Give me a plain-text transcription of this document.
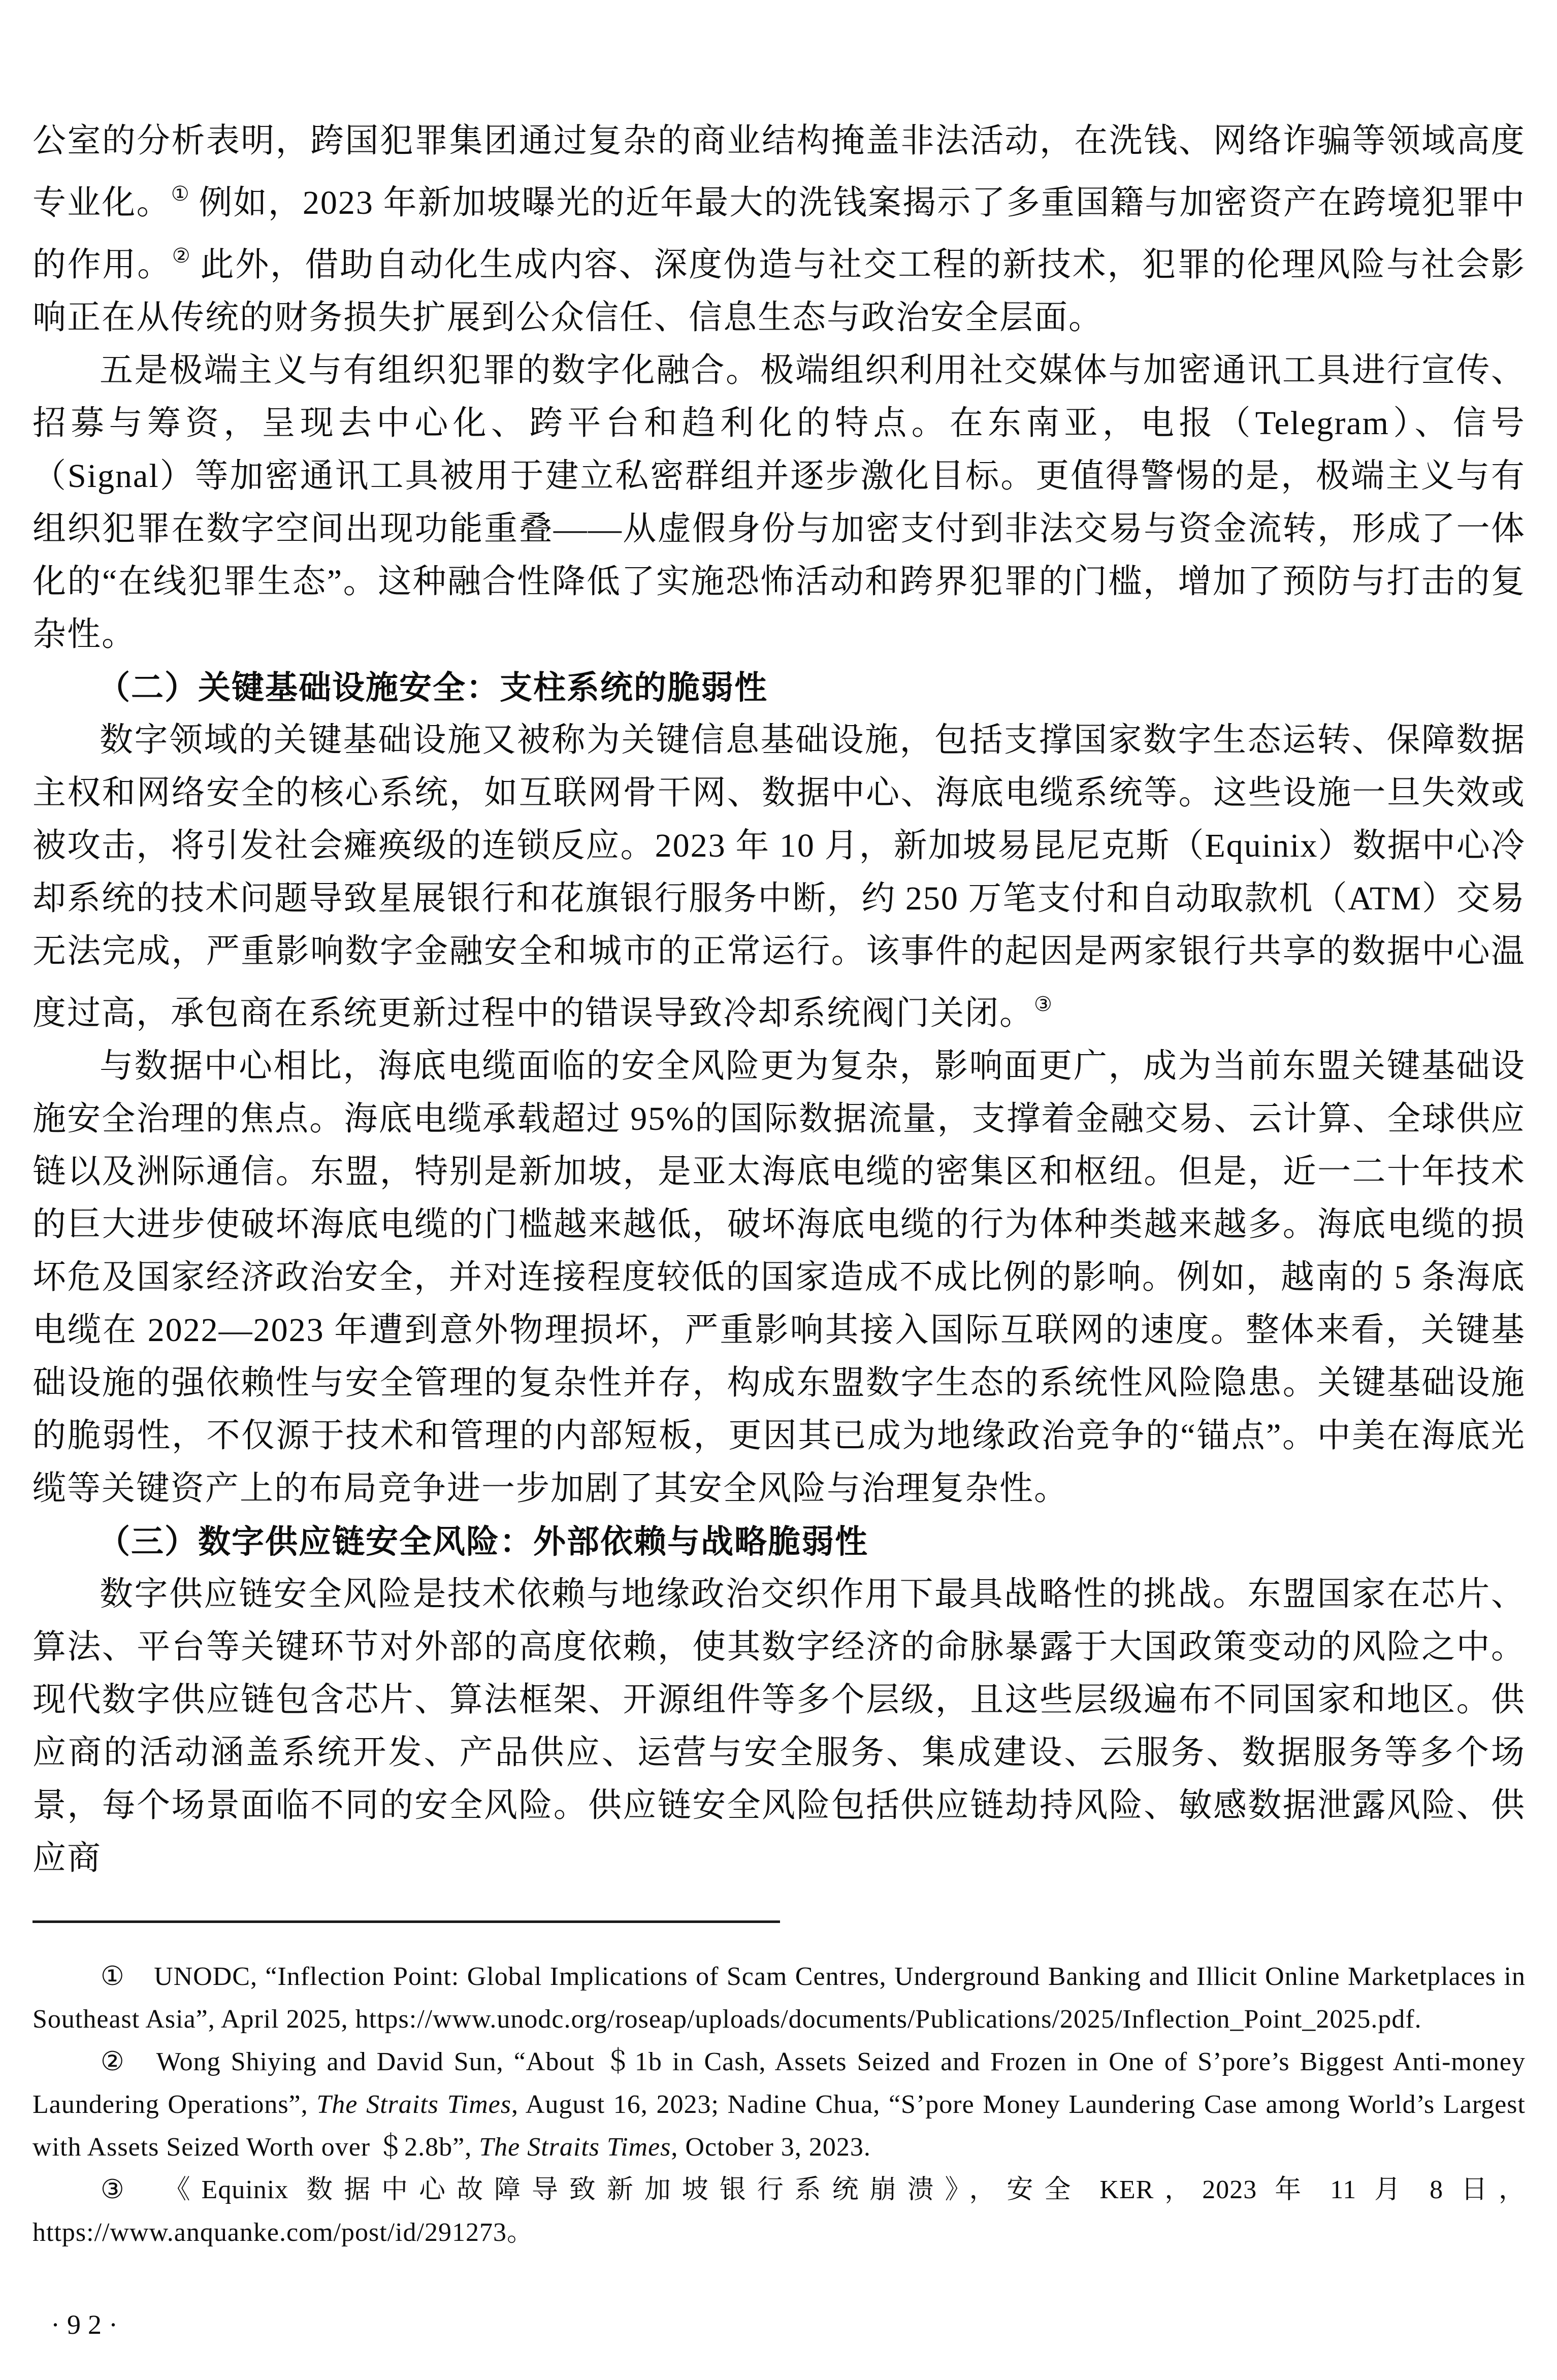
公室的分析表明，跨国犯罪集团通过复杂的商业结构掩盖非法活动，在洗钱、网络诈骗等领域高度专业化。① 例如，2023 年新加坡曝光的近年最大的洗钱案揭示了多重国籍与加密资产在跨境犯罪中的作用。② 此外，借助自动化生成内容、深度伪造与社交工程的新技术，犯罪的伦理风险与社会影响正在从传统的财务损失扩展到公众信任、信息生态与政治安全层面。

五是极端主义与有组织犯罪的数字化融合。极端组织利用社交媒体与加密通讯工具进行宣传、招募与筹资，呈现去中心化、跨平台和趋利化的特点。在东南亚，电报（Telegram）、信号（Signal）等加密通讯工具被用于建立私密群组并逐步激化目标。更值得警惕的是，极端主义与有组织犯罪在数字空间出现功能重叠——从虚假身份与加密支付到非法交易与资金流转，形成了一体化的“在线犯罪生态”。这种融合性降低了实施恐怖活动和跨界犯罪的门槛，增加了预防与打击的复杂性。

（二）关键基础设施安全：支柱系统的脆弱性

数字领域的关键基础设施又被称为关键信息基础设施，包括支撑国家数字生态运转、保障数据主权和网络安全的核心系统，如互联网骨干网、数据中心、海底电缆系统等。这些设施一旦失效或被攻击，将引发社会瘫痪级的连锁反应。2023 年 10 月，新加坡易昆尼克斯（Equinix）数据中心冷却系统的技术问题导致星展银行和花旗银行服务中断，约 250 万笔支付和自动取款机（ATM）交易无法完成，严重影响数字金融安全和城市的正常运行。该事件的起因是两家银行共享的数据中心温度过高，承包商在系统更新过程中的错误导致冷却系统阀门关闭。③

与数据中心相比，海底电缆面临的安全风险更为复杂，影响面更广，成为当前东盟关键基础设施安全治理的焦点。海底电缆承载超过 95%的国际数据流量，支撑着金融交易、云计算、全球供应链以及洲际通信。东盟，特别是新加坡，是亚太海底电缆的密集区和枢纽。但是，近一二十年技术的巨大进步使破坏海底电缆的门槛越来越低，破坏海底电缆的行为体种类越来越多。海底电缆的损坏危及国家经济政治安全，并对连接程度较低的国家造成不成比例的影响。例如，越南的 5 条海底电缆在 2022—2023 年遭到意外物理损坏，严重影响其接入国际互联网的速度。整体来看，关键基础设施的强依赖性与安全管理的复杂性并存，构成东盟数字生态的系统性风险隐患。关键基础设施的脆弱性，不仅源于技术和管理的内部短板，更因其已成为地缘政治竞争的“锚点”。中美在海底光缆等关键资产上的布局竞争进一步加剧了其安全风险与治理复杂性。

（三）数字供应链安全风险：外部依赖与战略脆弱性

数字供应链安全风险是技术依赖与地缘政治交织作用下最具战略性的挑战。东盟国家在芯片、算法、平台等关键环节对外部的高度依赖，使其数字经济的命脉暴露于大国政策变动的风险之中。现代数字供应链包含芯片、算法框架、开源组件等多个层级，且这些层级遍布不同国家和地区。供应商的活动涵盖系统开发、产品供应、运营与安全服务、集成建设、云服务、数据服务等多个场景，每个场景面临不同的安全风险。供应链安全风险包括供应链劫持风险、敏感数据泄露风险、供应商

① UNODC, “Inflection Point: Global Implications of Scam Centres, Underground Banking and Illicit Online Marketplaces in Southeast Asia”, April 2025, https://www.unodc.org/roseap/uploads/documents/Publications/2025/Inflection_Point_2025.pdf.

② Wong Shiying and David Sun, “About ＄1b in Cash, Assets Seized and Frozen in One of S’pore’s Biggest Anti-money Laundering Operations”, The Straits Times, August 16, 2023; Nadine Chua, “S’pore Money Laundering Case among World’s Largest with Assets Seized Worth over ＄2.8b”, The Straits Times, October 3, 2023.

③ 《Equinix 数据中心故障导致新加坡银行系统崩溃》，安全 KER，2023 年 11 月 8 日，https://www.anquanke.com/post/id/291273。

·92·
